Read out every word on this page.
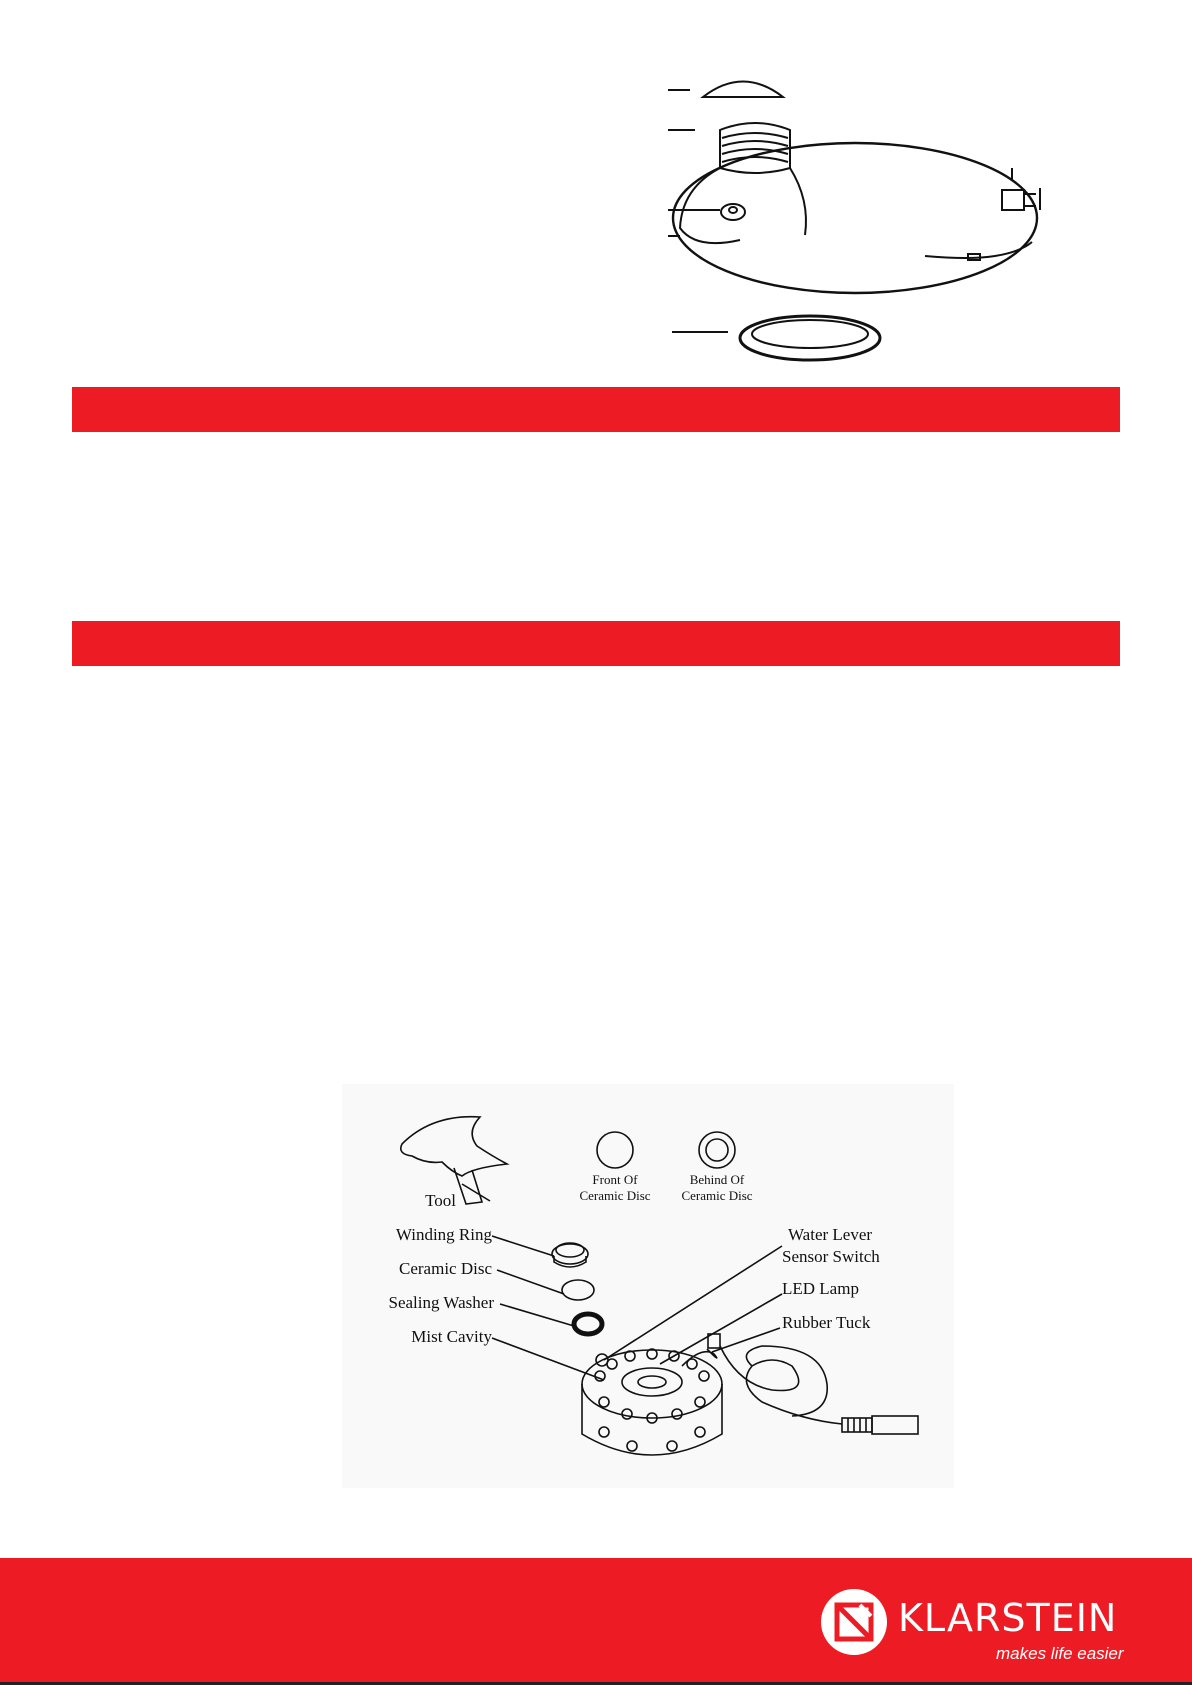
Tool
Winding Ring
Ceramic Disc
Sealing Washer
Mist Cavity
Front Of
Ceramic Disc
Behind Of
Ceramic Disc
Water Lever
Sensor Switch
LED Lamp
Rubber Tuck
KLARSTEIN
makes life easier
